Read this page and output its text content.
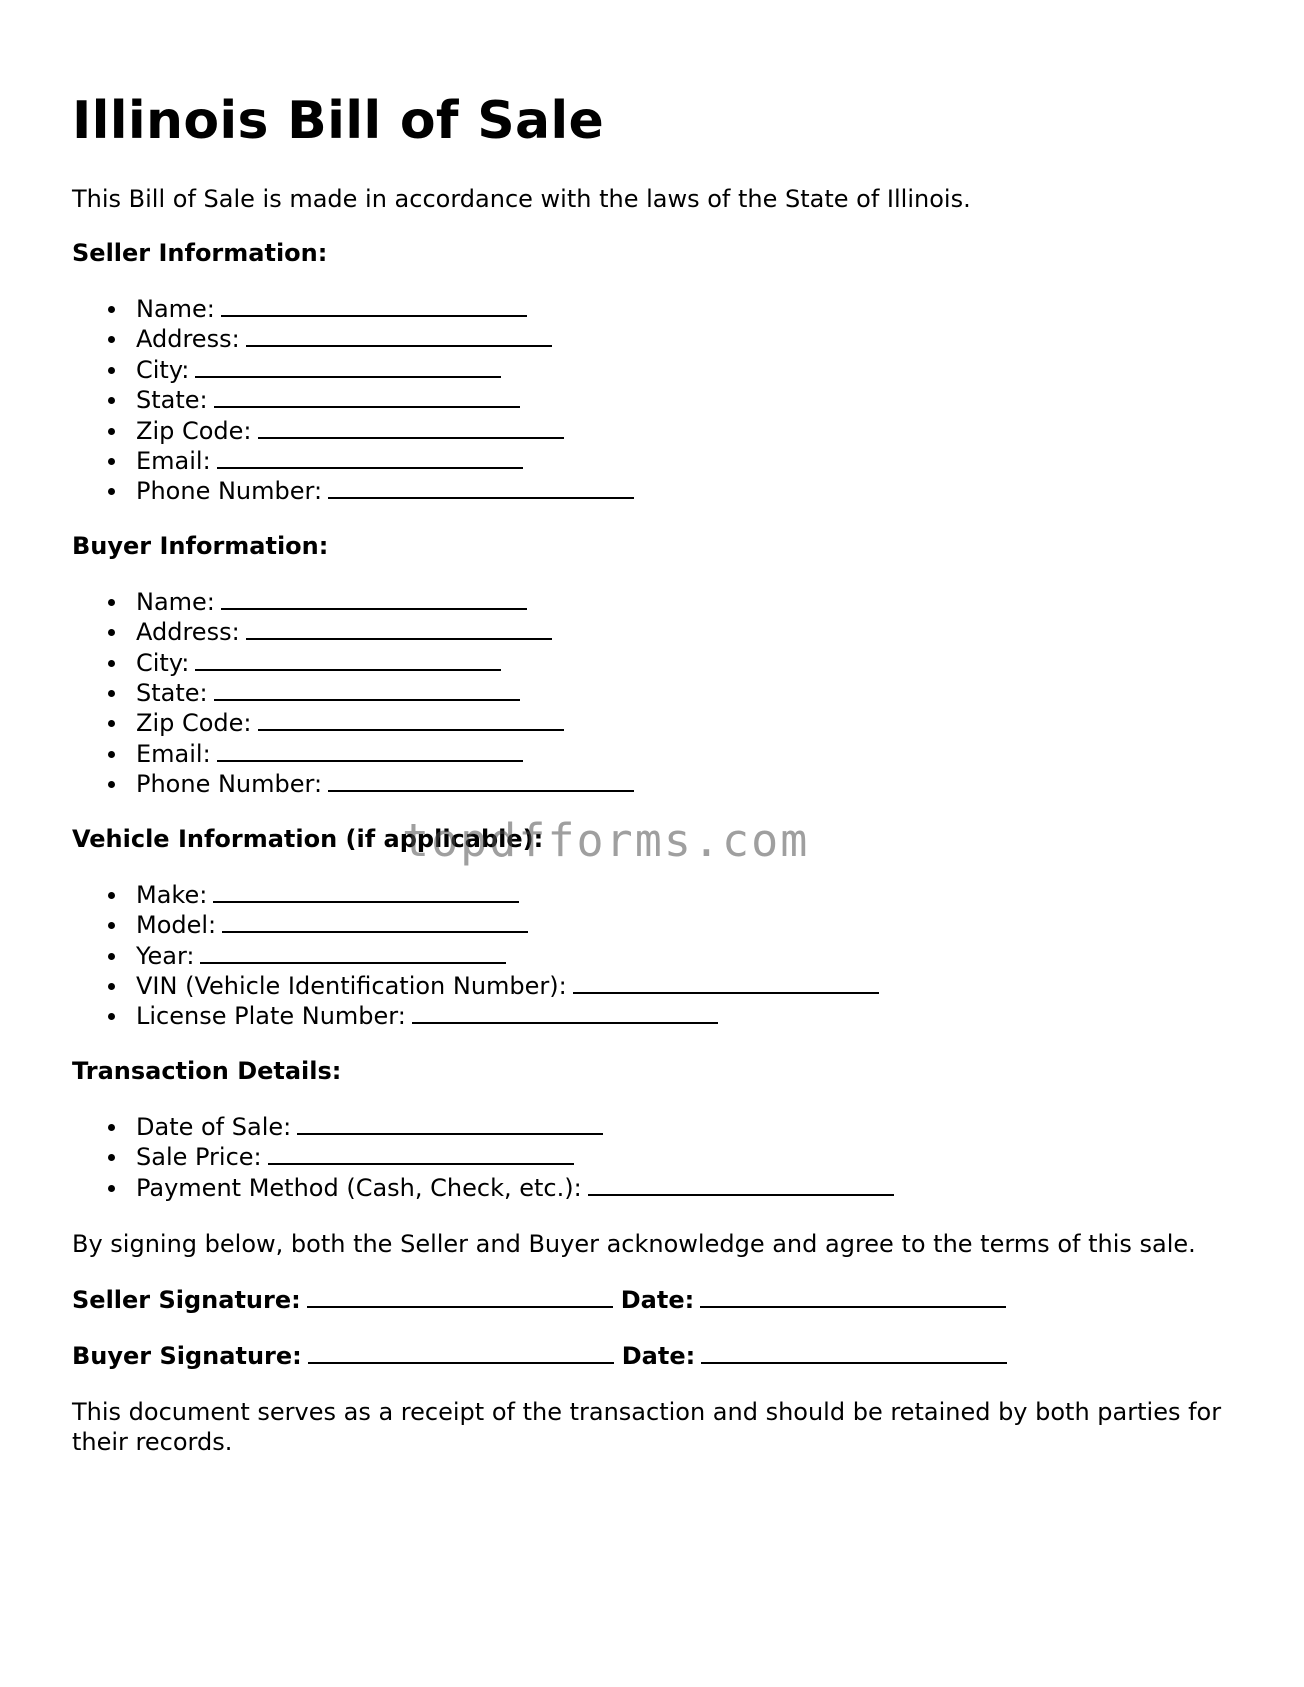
Illinois Bill of Sale

This Bill of Sale is made in accordance with the laws of the State of Illinois.

Seller Information:
Name:
Address:
City:
State:
Zip Code:
Email:
Phone Number:
Buyer Information:
Name:
Address:
City:
State:
Zip Code:
Email:
Phone Number:
Vehicle Information (if applicable):
Make:
Model:
Year:
VIN (Vehicle Identification Number):
License Plate Number:
Transaction Details:
Date of Sale:
Sale Price:
Payment Method (Cash, Check, etc.):

By signing below, both the Seller and Buyer acknowledge and agree to the terms of this sale.

Seller Signature:	Date:
Buyer Signature:	Date:

This document serves as a receipt of the transaction and should be retained by both parties for their records.

topdfforms.com
